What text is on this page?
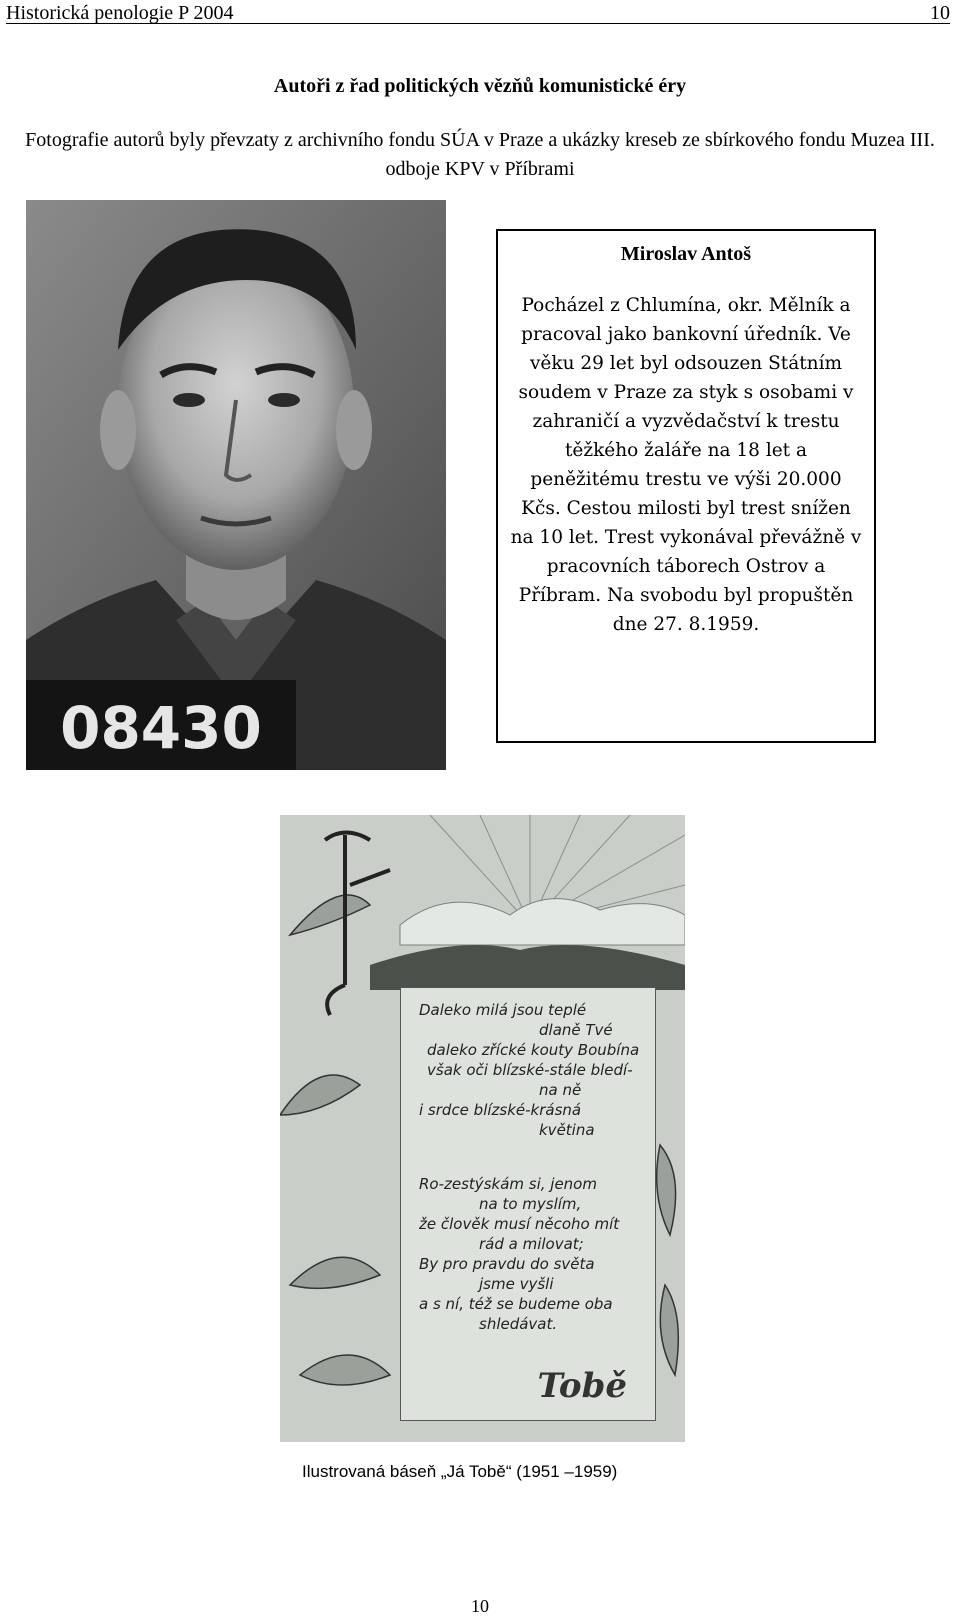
Historická penologie P 2004	10
Autoři z řad politických vězňů komunistické éry
Fotografie autorů byly převzaty z archivního fondu SÚA v Praze a ukázky kreseb ze sbírkového fondu Muzea III. odboje KPV v Příbrami
08430
Miroslav Antoš
Pocházel z Chlumína, okr. Mělník a pracoval jako bankovní úředník. Ve věku 29 let byl odsouzen Státním soudem v Praze za styk s osobami v zahraničí a vyzvědačství k trestu těžkého žaláře na 18 let a peněžitému trestu ve výši 20.000 Kčs. Cestou milosti byl trest snížen na 10 let. Trest vykonával převážně v pracovních táborech Ostrov a Příbram. Na svobodu byl propuštěn dne 27. 8.1959.
Daleko milá jsou teplé
dlaně Tvé
daleko zřícké kouty Boubína
však oči blízské-stále bledí-
na ně
i srdce blízské-krásná
květina
Ro-zestýskám si, jenom
na to myslím,
že člověk musí něcoho mít
rád a milovat;
By pro pravdu do světa
jsme vyšli
a s ní, též se budeme oba
shledávat.
Tobě
Ilustrovaná báseň „Já Tobě“ (1951 –1959)
10
